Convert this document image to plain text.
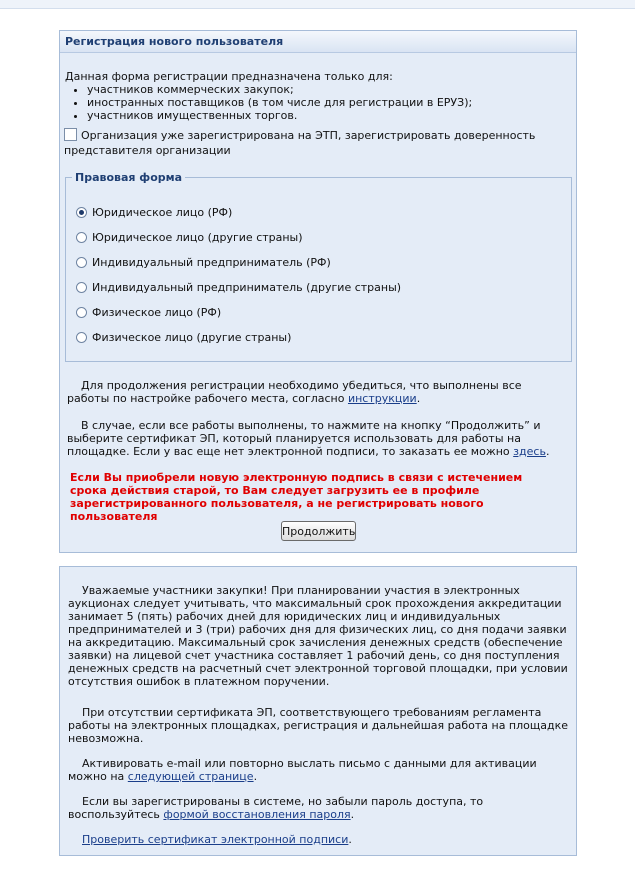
Регистрация нового пользователя
Данная форма регистрации предназначена только для:
• участников коммерческих закупок;
• иностранных поставщиков (в том числе для регистрации в ЕРУЗ);
• участников имущественных торгов.
Организация уже зарегистрирована на ЭТП, зарегистрировать доверенность представителя организации
Правовая форма
Юридическое лицо (РФ)
Юридическое лицо (другие страны)
Индивидуальный предприниматель (РФ)
Индивидуальный предприниматель (другие страны)
Физическое лицо (РФ)
Физическое лицо (другие страны)
Для продолжения регистрации необходимо убедиться, что выполнены все работы по настройке рабочего места, согласно инструкции.
В случае, если все работы выполнены, то нажмите на кнопку “Продолжить” и выберите сертификат ЭП, который планируется использовать для работы на площадке. Если у вас еще нет электронной подписи, то заказать ее можно здесь.
Если Вы приобрели новую электронную подпись в связи с истечением срока действия старой, то Вам следует загрузить ее в профиле зарегистрированного пользователя, а не регистрировать нового пользователя
Продолжить
Уважаемые участники закупки! При планировании участия в электронных аукционах следует учитывать, что максимальный срок прохождения аккредитации занимает 5 (пять) рабочих дней для юридических лиц и индивидуальных предпринимателей и 3 (три) рабочих дня для физических лиц, со дня подачи заявки на аккредитацию. Максимальный срок зачисления денежных средств (обеспечение заявки) на лицевой счет участника составляет 1 рабочий день, со дня поступления денежных средств на расчетный счет электронной торговой площадки, при условии отсутствия ошибок в платежном поручении.
При отсутствии сертификата ЭП, соответствующего требованиям регламента работы на электронных площадках, регистрация и дальнейшая работа на площадке невозможна.
Активировать e-mail или повторно выслать письмо с данными для активации можно на следующей странице.
Если вы зарегистрированы в системе, но забыли пароль доступа, то воспользуйтесь формой восстановления пароля.
Проверить сертификат электронной подписи.
